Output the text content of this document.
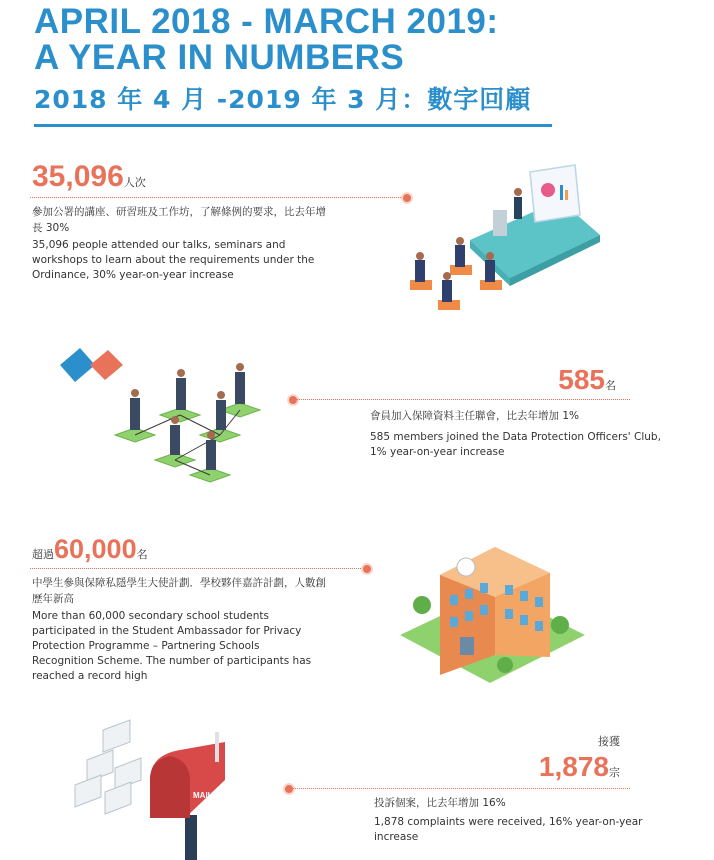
APRIL 2018 - MARCH 2019:
A YEAR IN NUMBERS
2018 年 4 月 -2019 年 3 月：數字回顧
35,096人次
參加公署的講座、研習班及工作坊，了解條例的要求，比去年增長 30%
35,096 people attended our talks, seminars and workshops to learn about the requirements under the Ordinance, 30% year-on-year increase
585名
會員加入保障資料主任聯會，比去年增加 1%
585 members joined the Data Protection Officers' Club, 1% year-on-year increase
超過60,000名
中學生參與保障私隱學生大使計劃．學校夥伴嘉許計劃，人數創歷年新高
More than 60,000 secondary school students participated in the Student Ambassador for Privacy Protection Programme – Partnering Schools Recognition Scheme. The number of participants has reached a record high
MAIL
接獲
1,878宗
投訴個案，比去年增加 16%
1,878 complaints were received, 16% year-on-year increase
